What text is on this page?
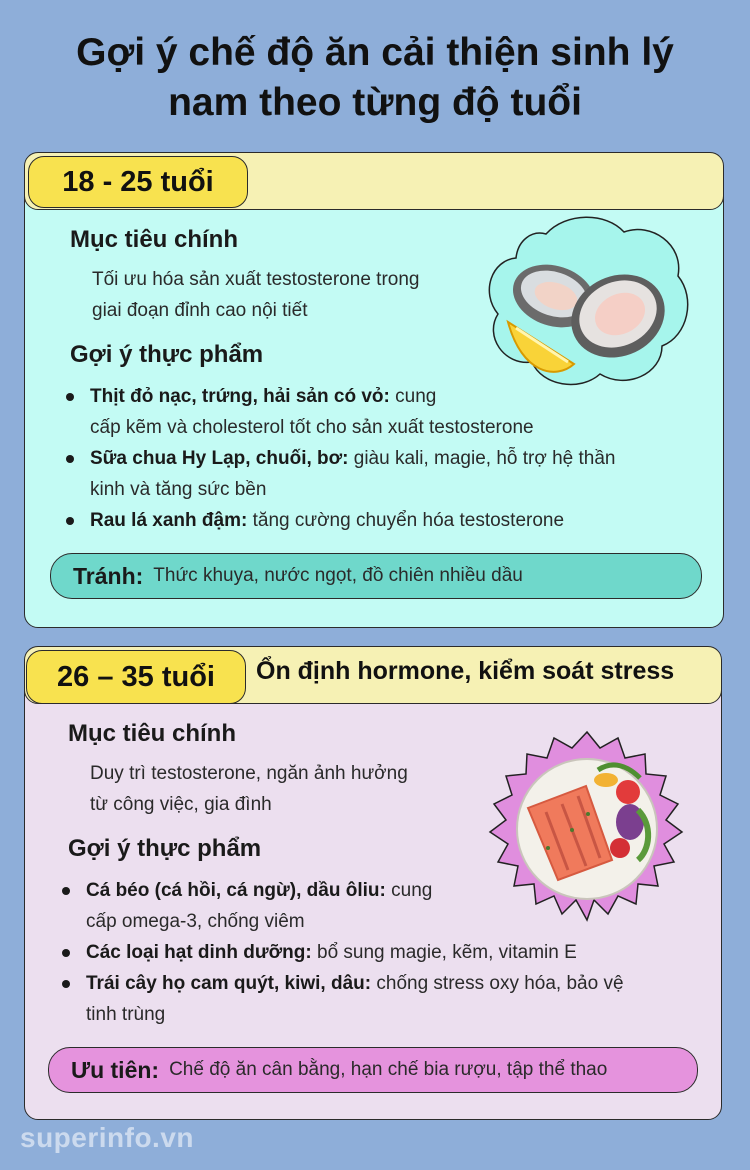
Gợi ý chế độ ăn cải thiện sinh lý
nam theo từng độ tuổi
18 - 25 tuổi
Mục tiêu chính
Tối ưu hóa sản xuất testosterone trong
giai đoạn đỉnh cao nội tiết
Gợi ý thực phẩm
Thịt đỏ nạc, trứng, hải sản có vỏ: cung
cấp kẽm và cholesterol tốt cho sản xuất testosterone
Sữa chua Hy Lạp, chuối, bơ: giàu kali, magie, hỗ trợ hệ thần
kinh và tăng sức bền
Rau lá xanh đậm: tăng cường chuyển hóa testosterone
Tránh: Thức khuya, nước ngọt, đồ chiên nhiều dầu
26 – 35 tuổi	Ổn định hormone, kiểm soát stress
Mục tiêu chính
Duy trì testosterone, ngăn ảnh hưởng
từ công việc, gia đình
Gợi ý thực phẩm
Cá béo (cá hồi, cá ngừ), dầu ôliu: cung
cấp omega-3, chống viêm
Các loại hạt dinh dưỡng: bổ sung magie, kẽm, vitamin E
Trái cây họ cam quýt, kiwi, dâu: chống stress oxy hóa, bảo vệ
tinh trùng
Ưu tiên: Chế độ ăn cân bằng, hạn chế bia rượu, tập thể thao
superinfo.vn
